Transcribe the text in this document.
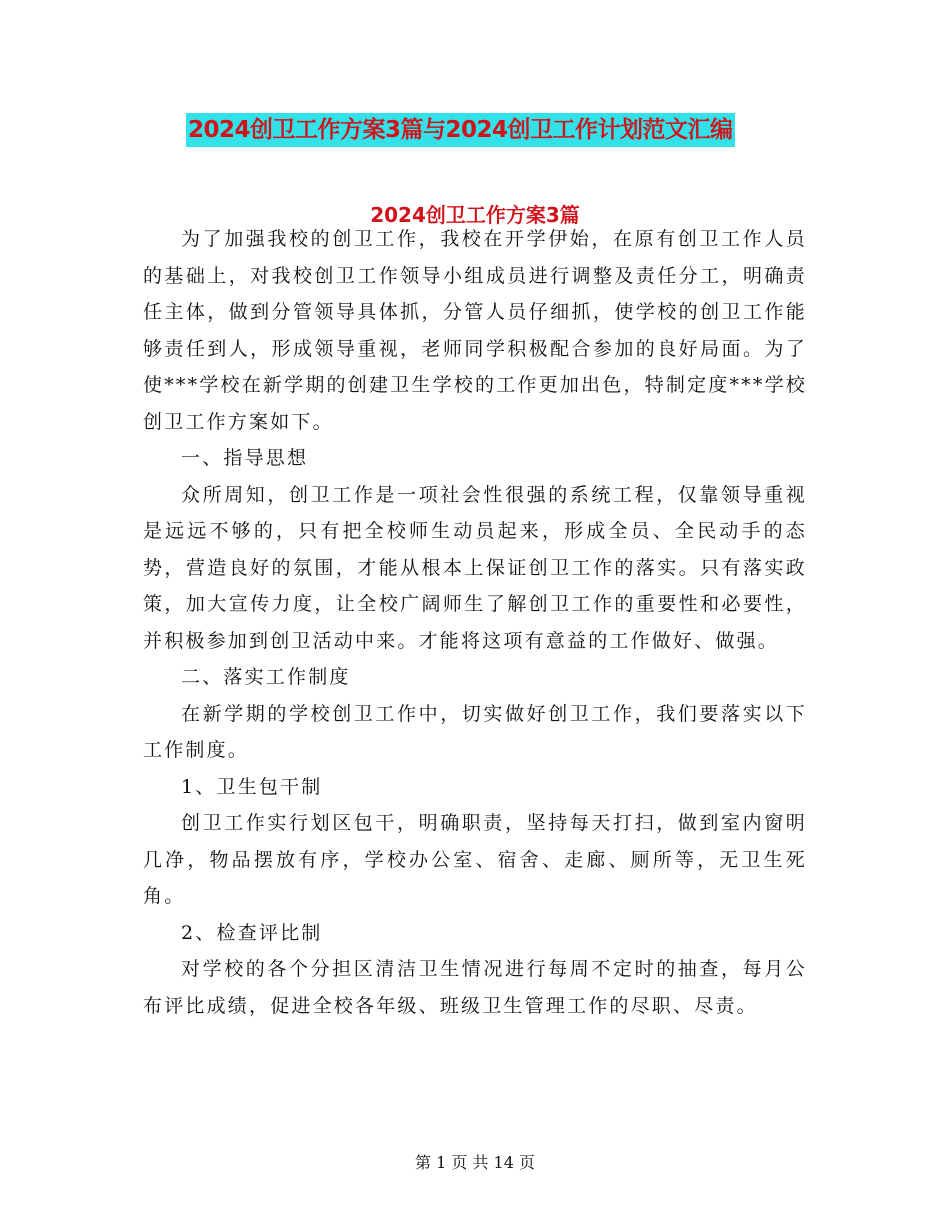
2024创卫工作方案3篇与2024创卫工作计划范文汇编
2024创卫工作方案3篇

为了加强我校的创卫工作，我校在开学伊始，在原有创卫工作人员的基础上，对我校创卫工作领导小组成员进行调整及责任分工，明确责任主体，做到分管领导具体抓，分管人员仔细抓，使学校的创卫工作能够责任到人，形成领导重视，老师同学积极配合参加的良好局面。为了使***学校在新学期的创建卫生学校的工作更加出色，特制定度***学校创卫工作方案如下。

一、指导思想

众所周知，创卫工作是一项社会性很强的系统工程，仅靠领导重视是远远不够的，只有把全校师生动员起来，形成全员、全民动手的态势，营造良好的氛围，才能从根本上保证创卫工作的落实。只有落实政策，加大宣传力度，让全校广阔师生了解创卫工作的重要性和必要性，并积极参加到创卫活动中来。才能将这项有意益的工作做好、做强。

二、落实工作制度

在新学期的学校创卫工作中，切实做好创卫工作，我们要落实以下工作制度。

1、卫生包干制

创卫工作实行划区包干，明确职责，坚持每天打扫，做到室内窗明几净，物品摆放有序，学校办公室、宿舍、走廊、厕所等，无卫生死角。

2、检查评比制

对学校的各个分担区清洁卫生情况进行每周不定时的抽查，每月公布评比成绩，促进全校各年级、班级卫生管理工作的尽职、尽责。

第 1 页 共 14 页
